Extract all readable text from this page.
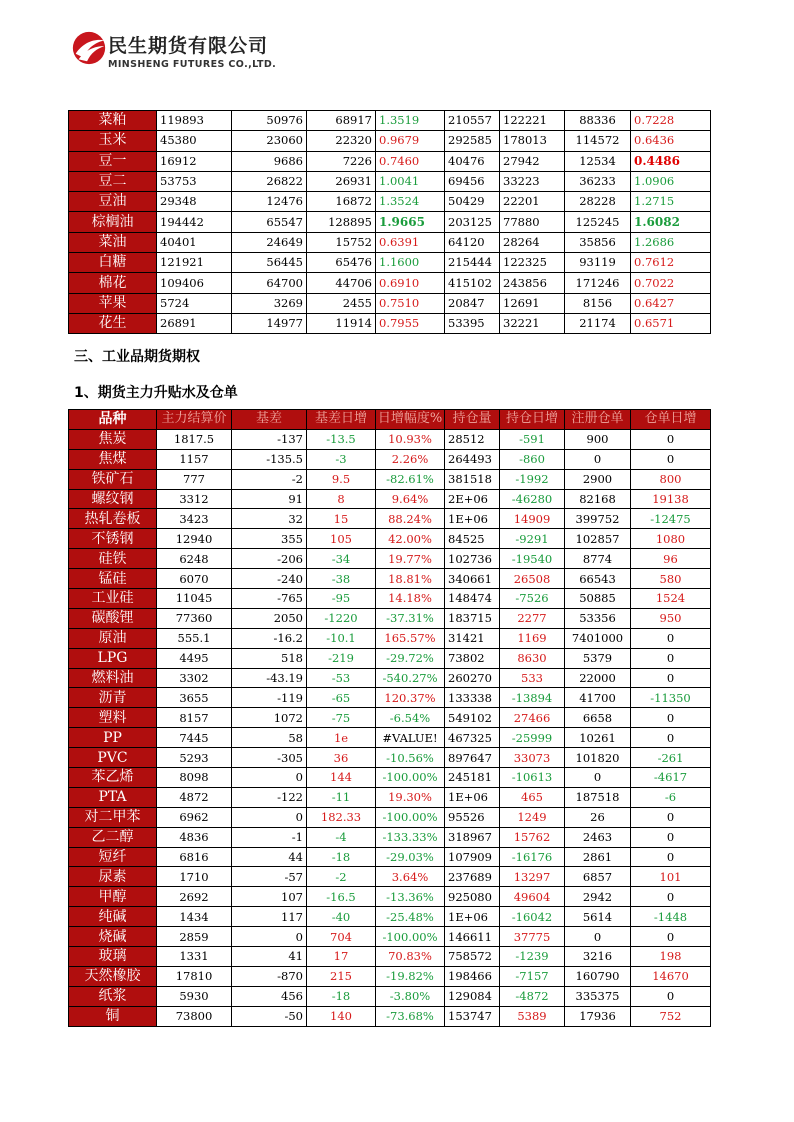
民生期货有限公司
MINSHENG FUTURES CO.,LTD.
菜粕	119893	50976	68917	1.3519	210557	122221	88336	0.7228
玉米	45380	23060	22320	0.9679	292585	178013	114572	0.6436
豆一	16912	9686	7226	0.7460	40476	27942	12534	0.4486
豆二	53753	26822	26931	1.0041	69456	33223	36233	1.0906
豆油	29348	12476	16872	1.3524	50429	22201	28228	1.2715
棕榈油	194442	65547	128895	1.9665	203125	77880	125245	1.6082
菜油	40401	24649	15752	0.6391	64120	28264	35856	1.2686
白糖	121921	56445	65476	1.1600	215444	122325	93119	0.7612
棉花	109406	64700	44706	0.6910	415102	243856	171246	0.7022
苹果	5724	3269	2455	0.7510	20847	12691	8156	0.6427
花生	26891	14977	11914	0.7955	53395	32221	21174	0.6571
三、工业品期货期权
1、期货主力升贴水及仓单
品种	主力结算价	基差	基差日增	日增幅度%	持仓量	持仓日增	注册仓单	仓单日增
焦炭	1817.5	-137	-13.5	10.93%	28512	-591	900	0
焦煤	1157	-135.5	-3	2.26%	264493	-860	0	0
铁矿石	777	-2	9.5	-82.61%	381518	-1992	2900	800
螺纹钢	3312	91	8	9.64%	2E+06	-46280	82168	19138
热轧卷板	3423	32	15	88.24%	1E+06	14909	399752	-12475
不锈钢	12940	355	105	42.00%	84525	-9291	102857	1080
硅铁	6248	-206	-34	19.77%	102736	-19540	8774	96
锰硅	6070	-240	-38	18.81%	340661	26508	66543	580
工业硅	11045	-765	-95	14.18%	148474	-7526	50885	1524
碳酸锂	77360	2050	-1220	-37.31%	183715	2277	53356	950
原油	555.1	-16.2	-10.1	165.57%	31421	1169	7401000	0
LPG	4495	518	-219	-29.72%	73802	8630	5379	0
燃料油	3302	-43.19	-53	-540.27%	260270	533	22000	0
沥青	3655	-119	-65	120.37%	133338	-13894	41700	-11350
塑料	8157	1072	-75	-6.54%	549102	27466	6658	0
PP	7445	58	1e	#VALUE!	467325	-25999	10261	0
PVC	5293	-305	36	-10.56%	897647	33073	101820	-261
苯乙烯	8098	0	144	-100.00%	245181	-10613	0	-4617
PTA	4872	-122	-11	19.30%	1E+06	465	187518	-6
对二甲苯	6962	0	182.33	-100.00%	95526	1249	26	0
乙二醇	4836	-1	-4	-133.33%	318967	15762	2463	0
短纤	6816	44	-18	-29.03%	107909	-16176	2861	0
尿素	1710	-57	-2	3.64%	237689	13297	6857	101
甲醇	2692	107	-16.5	-13.36%	925080	49604	2942	0
纯碱	1434	117	-40	-25.48%	1E+06	-16042	5614	-1448
烧碱	2859	0	704	-100.00%	146611	37775	0	0
玻璃	1331	41	17	70.83%	758572	-1239	3216	198
天然橡胶	17810	-870	215	-19.82%	198466	-7157	160790	14670
纸浆	5930	456	-18	-3.80%	129084	-4872	335375	0
铜	73800	-50	140	-73.68%	153747	5389	17936	752
